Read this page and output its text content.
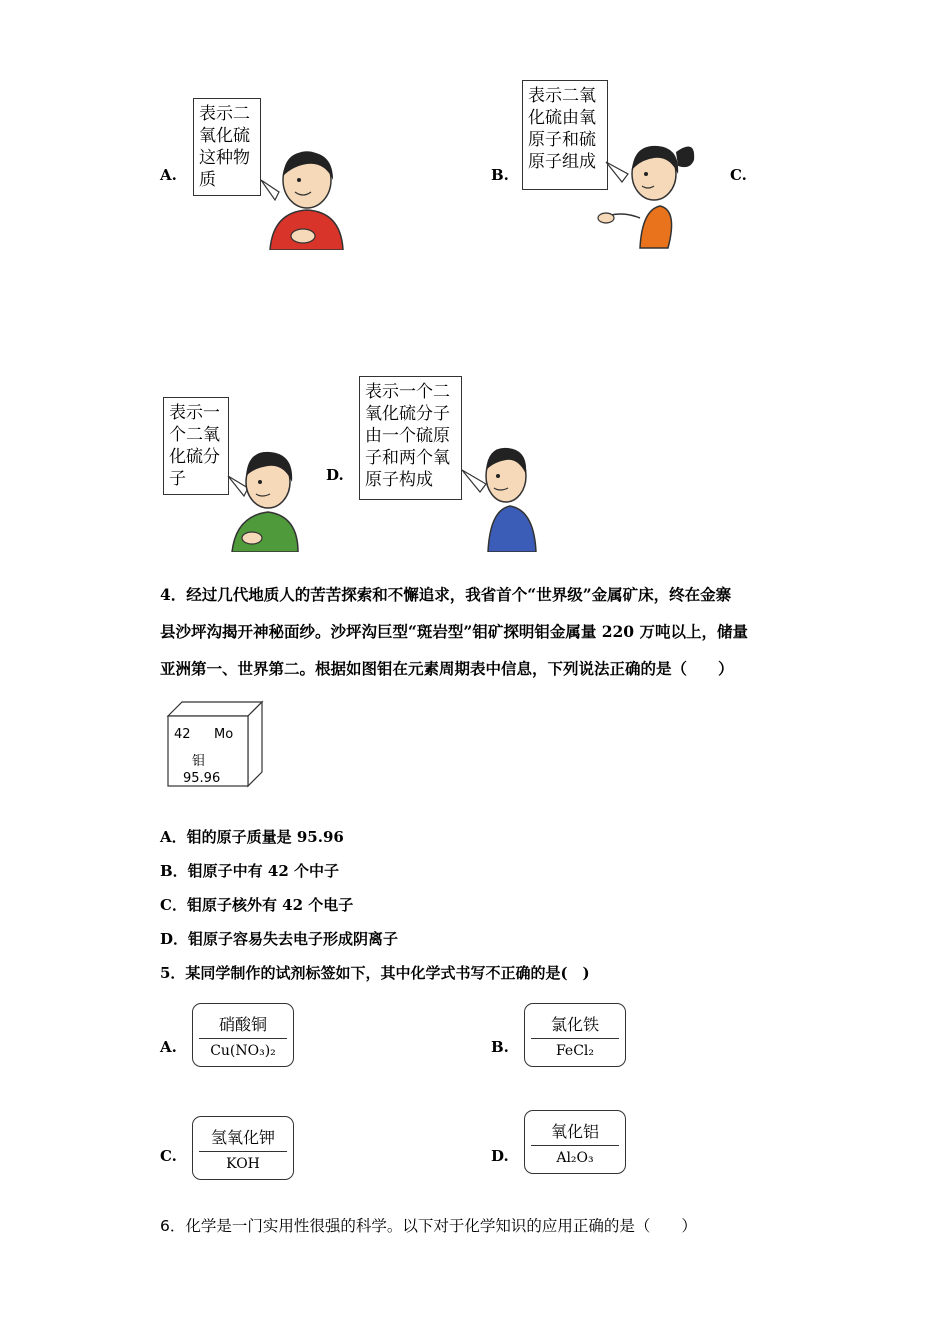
A.
表示二
氧化硫
这种物
质	B.
表示二氧
化硫由氧
原子和硫
原子组成
C.
表示一
个二氧
化硫分
子	D.
表示一个二
氧化硫分子
由一个硫原
子和两个氧
原子构成
4．经过几代地质人的苦苦探索和不懈追求，我省首个“世界级”金属矿床，终在金寨
县沙坪沟揭开神秘面纱。沙坪沟巨型“斑岩型”钼矿探明钼金属量 220 万吨以上，储量
亚洲第一、世界第二。根据如图钼在元素周期表中信息，下列说法正确的是（　　）
42 Mo
钼
95.96
A．钼的原子质量是 95.96
B．钼原子中有 42 个中子
C．钼原子核外有 42 个电子
D．钼原子容易失去电子形成阴离子
5．某同学制作的试剂标签如下，其中化学式书写不正确的是(　)
A.
硝酸铜
Cu(NO₃)₂	B.
氯化铁
FeCl₂
C.
氢氧化钾
KOH	D.
氧化铝
Al₂O₃
6．化学是一门实用性很强的科学。以下对于化学知识的应用正确的是（　　）
